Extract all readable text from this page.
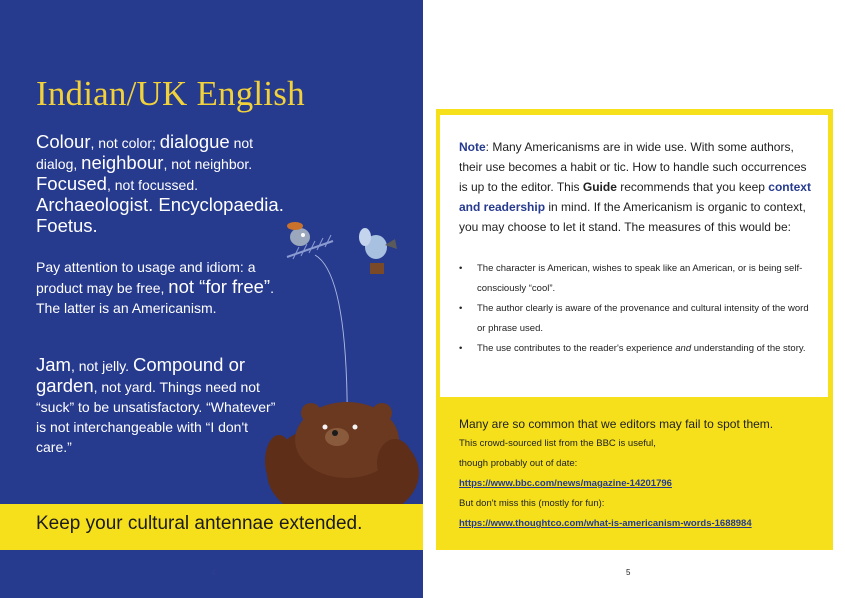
Indian/UK English

Colour, not color; dialogue not dialog, neighbour, not neighbor. Focused, not focussed. Archaeologist. Encyclopaedia. Foetus.

Pay attention to usage and idiom: a product may be free, not “for free”. The latter is an Americanism.

Jam, not jelly. Compound or garden, not yard. Things need not “suck” to be unsatisfactory. “Whatever” is not interchangeable with “I don't care.”

Keep your cultural antennae extended.

4

Note: Many Americanisms are in wide use. With some authors, their use becomes a habit or tic. How to handle such occurrences is up to the editor. This Guide recommends that you keep context and readership in mind. If the Americanism is organic to context, you may choose to let it stand. The measures of this would be:

• The character is American, wishes to speak like an American, or is being self-consciously “cool”.
• The author clearly is aware of the provenance and cultural intensity of the word or phrase used.
• The use contributes to the reader's experience and understanding of the story.

Many are so common that we editors may fail to spot them.

This crowd-sourced list from the BBC is useful,

though probably out of date:

https://www.bbc.com/news/magazine-14201796

But don't miss this (mostly for fun):

https://www.thoughtco.com/what-is-americanism-words-1688984

5
